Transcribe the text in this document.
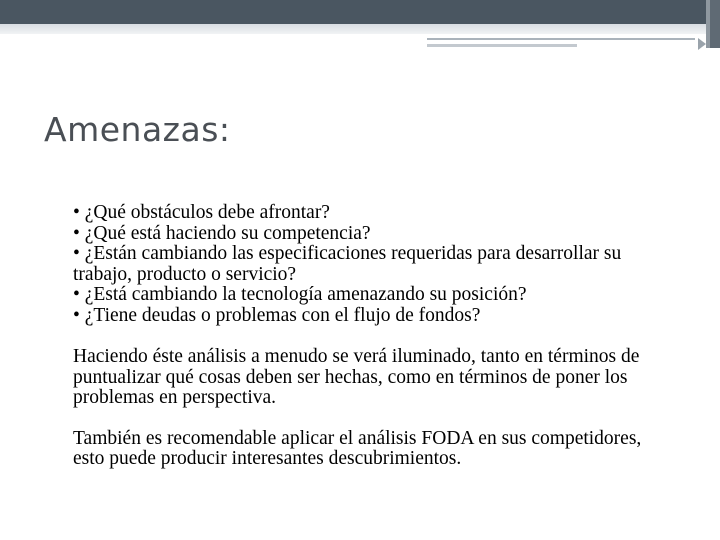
Amenazas:
• ¿Qué obstáculos debe afrontar?
• ¿Qué está haciendo su competencia?
• ¿Están cambiando las especificaciones requeridas para desarrollar su trabajo, producto o servicio?
• ¿Está cambiando la tecnología amenazando su posición?
• ¿Tiene deudas o problemas con el flujo de fondos?

Haciendo éste análisis a menudo se verá iluminado, tanto en términos de puntualizar qué cosas deben ser hechas, como en términos de poner los problemas en perspectiva.

También es recomendable aplicar el análisis FODA en sus competidores, esto puede producir interesantes descubrimientos.
